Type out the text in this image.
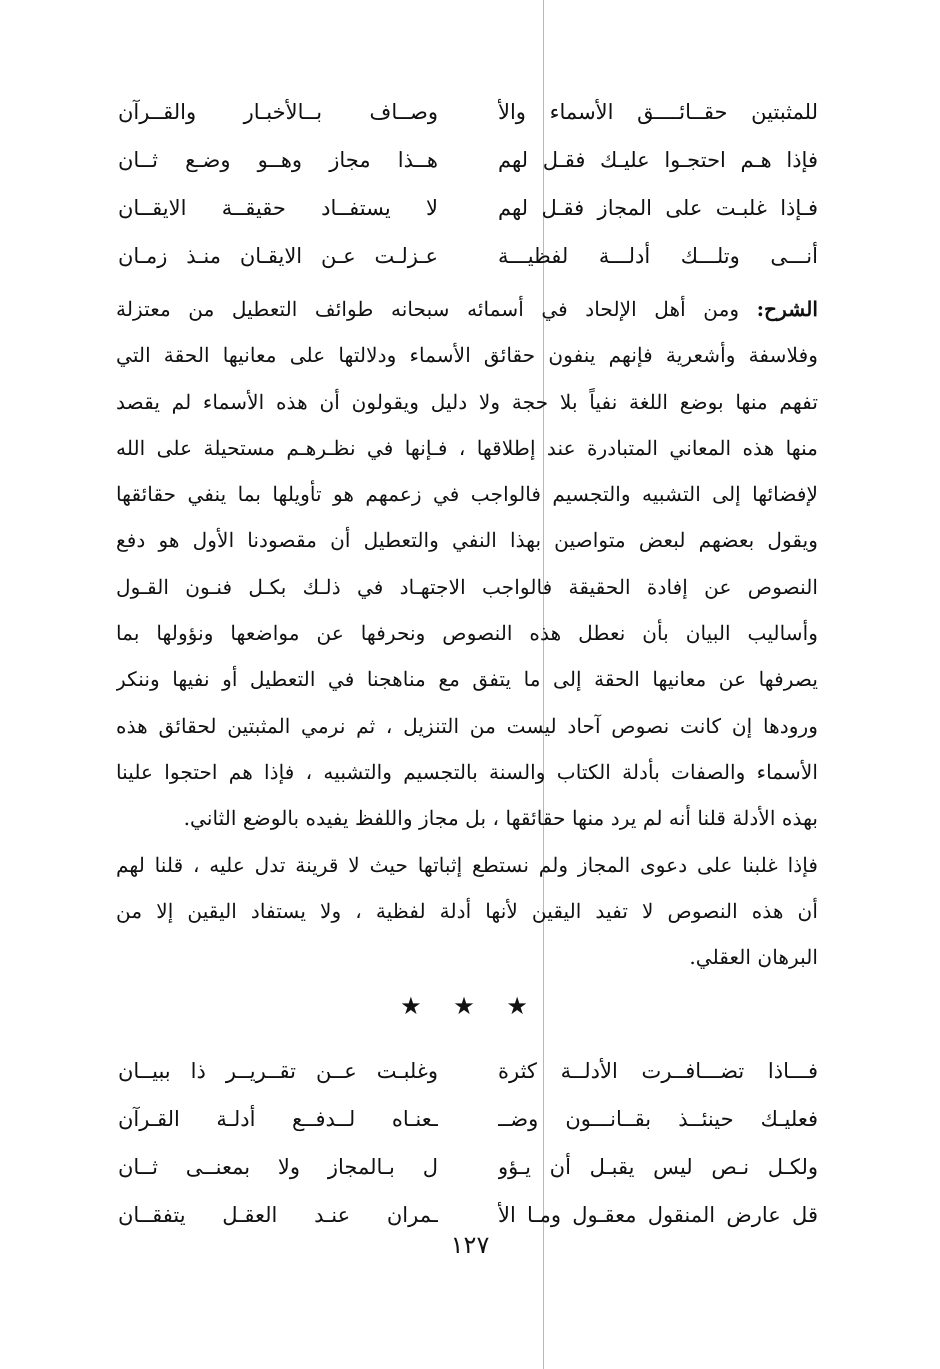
للمثبتين حقــائــــق الأسماء والأ
وصــاف بــالأخبـار والقــرآن
فإذا هـم احتجـوا عليـك فقـل لهم
هــذا مجاز وهــو وضـع ثــان
فـإذا غلبـت على المجاز فقـل لهم
لا يستفــاد حقيقــة الايقــان
أنـــى وتلـــك أدلـــة لفظيـــة
عـزلـت عـن الايقـان منـذ زمـان
الشرح: ومن أهل الإلحاد في أسمائه سبحانه طوائف التعطيل من معتزلة
وفلاسفة وأشعرية فإنهم ينفون حقائق الأسماء ودلالتها على معانيها الحقة التي
تفهم منها بوضع اللغة نفياً بلا حجة ولا دليل ويقولون أن هذه الأسماء لم يقصد
منها هذه المعاني المتبادرة عند إطلاقها ، فـإنها في نظـرهـم مستحيلة على الله
لإفضائها إلى التشبيه والتجسيم فالواجب في زعمهم هو تأويلها بما ينفي حقائقها
ويقول بعضهم لبعض متواصين بهذا النفي والتعطيل أن مقصودنا الأول هو دفع
النصوص عن إفادة الحقيقة فالواجب الاجتهـاد في ذلـك بكـل فنـون القـول
وأساليب البيان بأن نعطل هذه النصوص ونحرفها عن مواضعها ونؤولها بما
يصرفها عن معانيها الحقة إلى ما يتفق مع مناهجنا في التعطيل أو نفيها وننكر
ورودها إن كانت نصوص آحاد ليست من التنزيل ، ثم نرمي المثبتين لحقائق هذه
الأسماء والصفات بأدلة الكتاب والسنة بالتجسيم والتشبيه ، فإذا هم احتجوا علينا
بهذه الأدلة قلنا أنه لم يرد منها حقائقها ، بل مجاز واللفظ يفيده بالوضع الثاني.
فإذا غلبنا على دعوى المجاز ولم نستطع إثباتها حيث لا قرينة تدل عليه ، قلنا لهم
أن هذه النصوص لا تفيد اليقين لأنها أدلة لفظية ، ولا يستفاد اليقين إلا من
البرهان العقلي.
★ ★ ★
فـــاذا تضـــافــرت الأدلــة كثرة
وغلبـت عــن تقــريــر ذا ببيــان
فعليـك حينئــذ بقــانـــون وضــ
ـعنـاه لــدفــع أدلـة القـرآن
ولكـل نـص ليس يقبـل أن يـؤو
ل بـالمجاز ولا بمعنــى ثــان
قل عارض المنقول معقـول ومـا الأ
ـمران عنـد العقـل يتفقــان
١٢٧
